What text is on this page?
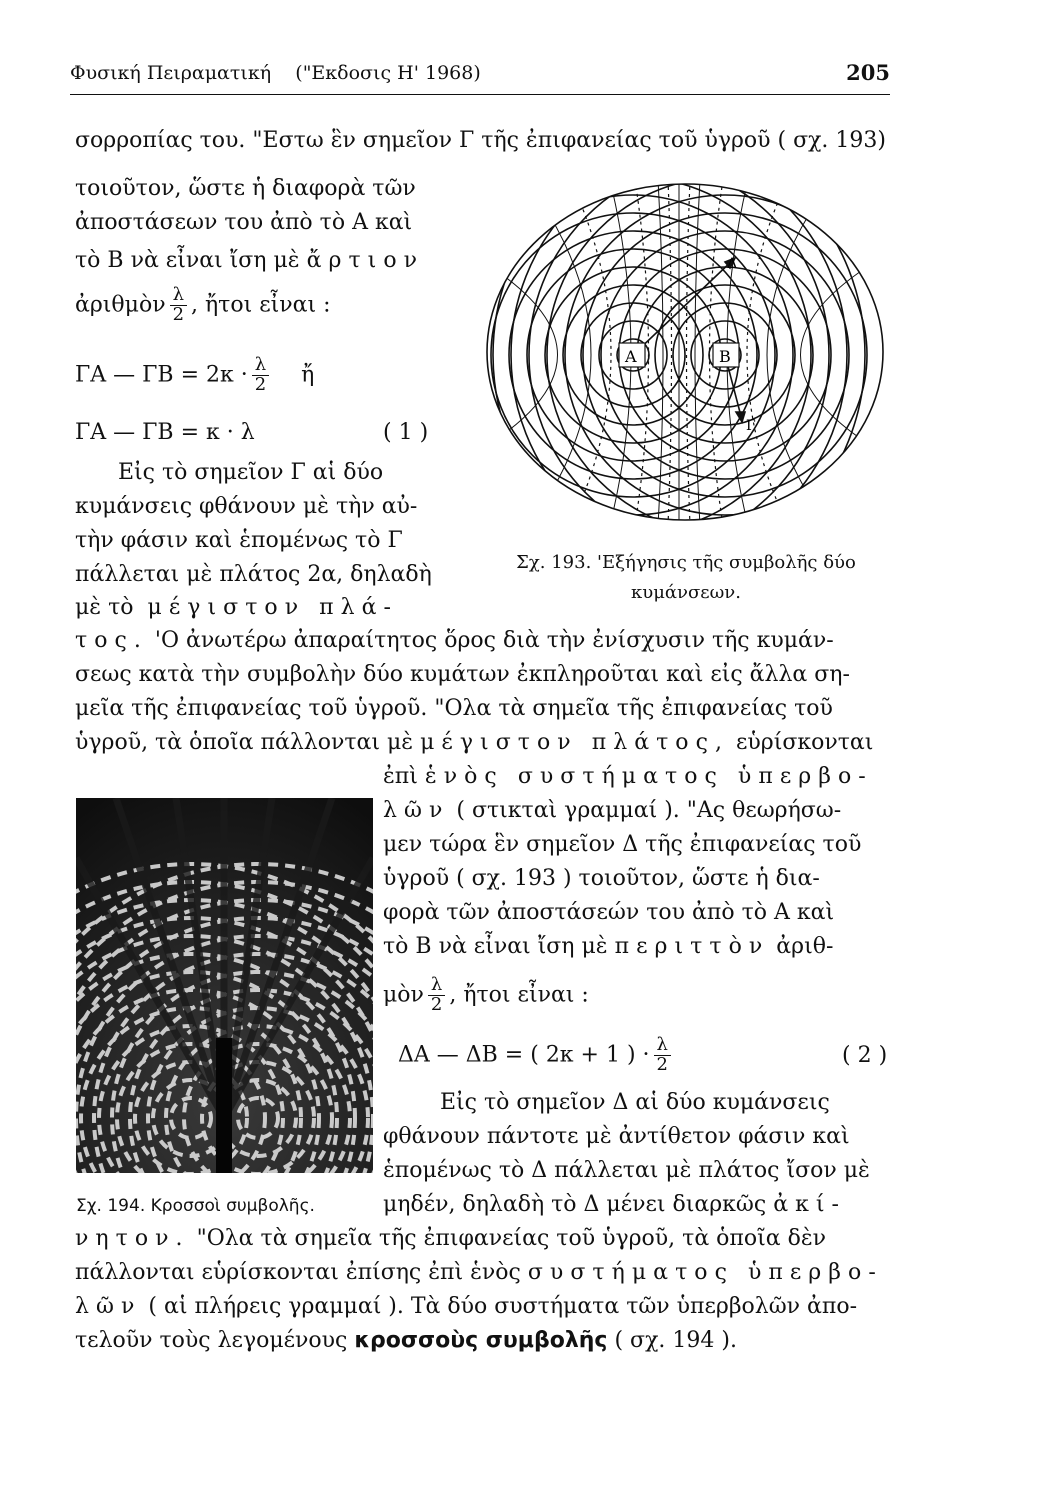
Φυσική Πειραματική ("Εκδοσις Η' 1968)	205
σορροπίας του. "Εστω ἓν σημεῖον Γ τῆς ἐπιφανείας τοῦ ὑγροῦ ( σχ. 193)
τοιοῦτον, ὥστε ἡ διαφορὰ τῶν
ἀποστάσεων του ἀπὸ τὸ Α καὶ
τὸ Β νὰ εἶναι ἴση μὲ ἄρτιον
ἀριθμὸν $\frac{\lambda}{2}$ , ἤτοι εἶναι :
ΓΑ — $\Gamma B = 2\kappa \cdot \frac{\lambda}{2}$ ἤ
ΓΑ — ΓΒ = κ · λ	( 1 )
Εἰς τὸ σημεῖον Γ αἱ δύο
κυμάνσεις φθάνουν μὲ τὴν αὐ-
τὴν φάσιν καὶ ἑπομένως τὸ Γ
πάλλεται μὲ πλάτος 2α, δηλαδὴ
μὲ τὸ μέγιστον πλά-
Α	Β
Δ
Γ
Σχ. 193. 'Εξήγησις τῆς συμβολῆς δύο
κυμάνσεων.
τος. 'Ο ἀνωτέρω ἀπαραίτητος ὅρος διὰ τὴν ἐνίσχυσιν τῆς κυμάν-
σεως κατὰ τὴν συμβολὴν δύο κυμάτων ἐκπληροῦται καὶ εἰς ἄλλα ση-
μεῖα τῆς ἐπιφανείας τοῦ ὑγροῦ. "Ολα τὰ σημεῖα τῆς ἐπιφανείας τοῦ
ὑγροῦ, τὰ ὁποῖα πάλλονται μὲ μέγιστον πλάτος, εὑρίσκονται
ἐπὶ ἑνὸς συστήματος ὑπερβο-
λῶν ( στικταὶ γραμμαί ). "Ας θεωρήσω-
μεν τώρα ἓν σημεῖον Δ τῆς ἐπιφανείας τοῦ
ὑγροῦ ( σχ. 193 ) τοιοῦτον, ὥστε ἡ δια-
φορὰ τῶν ἀποστάσεών του ἀπὸ τὸ Α καὶ
τὸ Β νὰ εἶναι ἴση μὲ περιττὸν ἀριθ-
μὸν $\frac{\lambda}{2}$ , ἤτοι εἶναι :
ΔΑ — ΔΒ = ( 2κ + 1 ) · $\frac{\lambda}{2}$	( 2 )
Εἰς τὸ σημεῖον Δ αἱ δύο κυμάνσεις
φθάνουν πάντοτε μὲ ἀντίθετον φάσιν καὶ
ἑπομένως τὸ Δ πάλλεται μὲ πλάτος ἴσον μὲ
μηδέν, δηλαδὴ τὸ Δ μένει διαρκῶς ἀκί-
νητον. "Ολα τὰ σημεῖα τῆς ἐπιφανείας τοῦ ὑγροῦ, τὰ ὁποῖα δὲν
πάλλονται εὑρίσκονται ἐπίσης ἐπὶ ἑνὸς συστήματος ὑπερβο-
λῶν ( αἱ πλήρεις γραμμαί ). Τὰ δύο συστήματα τῶν ὑπερβολῶν ἀπο-
τελοῦν τοὺς λεγομένους κροσσοὺς συμβολῆς ( σχ. 194 ).
Σχ. 194. Κροσσοὶ συμβολῆς.
